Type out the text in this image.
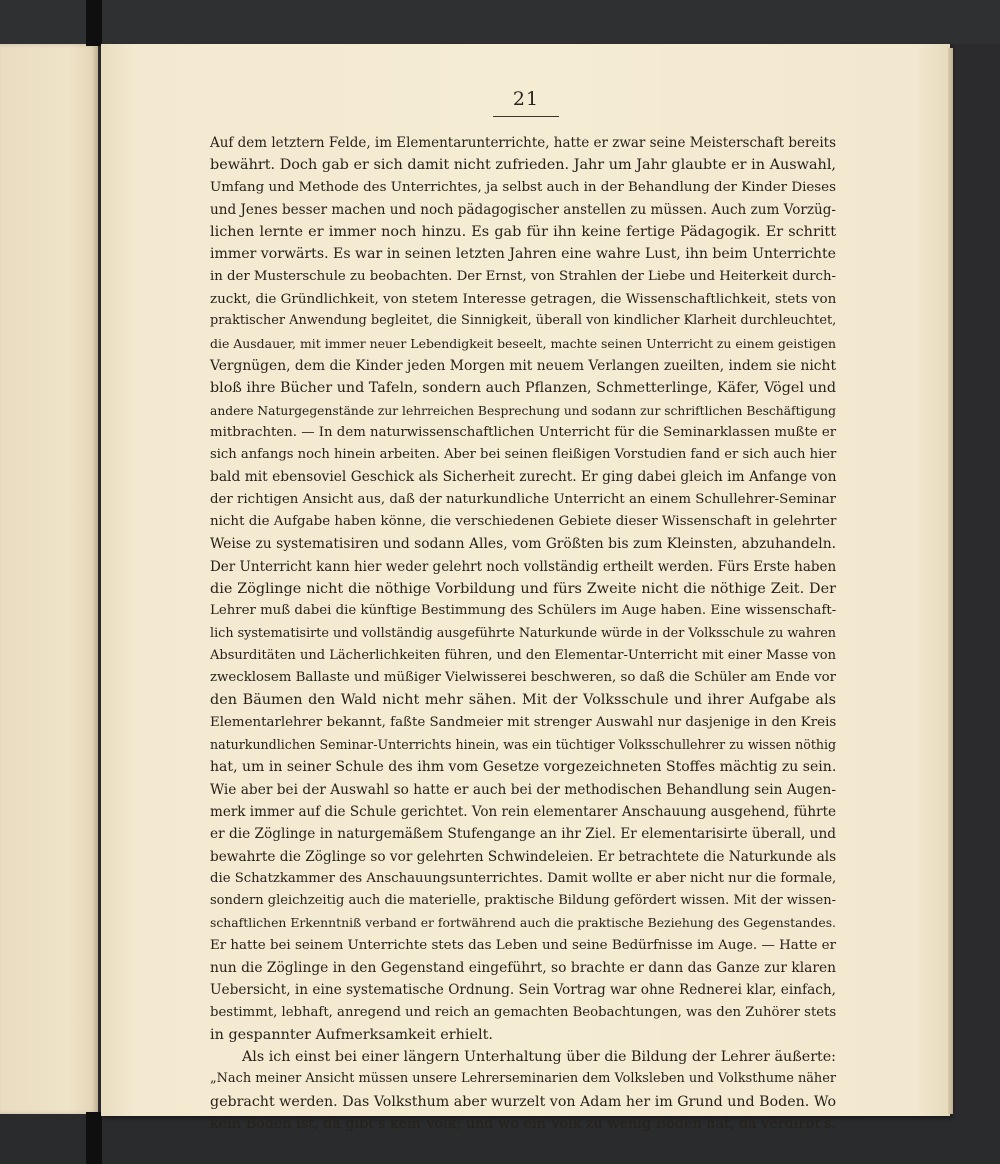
21
Auf dem letztern Felde, im Elementarunterrichte, hatte er zwar seine Meisterschaft bereits
bewährt. Doch gab er sich damit nicht zufrieden. Jahr um Jahr glaubte er in Auswahl,
Umfang und Methode des Unterrichtes, ja selbst auch in der Behandlung der Kinder Dieses
und Jenes besser machen und noch pädagogischer anstellen zu müssen. Auch zum Vorzüg-
lichen lernte er immer noch hinzu. Es gab für ihn keine fertige Pädagogik. Er schritt
immer vorwärts. Es war in seinen letzten Jahren eine wahre Lust, ihn beim Unterrichte
in der Musterschule zu beobachten. Der Ernst, von Strahlen der Liebe und Heiterkeit durch-
zuckt, die Gründlichkeit, von stetem Interesse getragen, die Wissenschaftlichkeit, stets von
praktischer Anwendung begleitet, die Sinnigkeit, überall von kindlicher Klarheit durchleuchtet,
die Ausdauer, mit immer neuer Lebendigkeit beseelt, machte seinen Unterricht zu einem geistigen
Vergnügen, dem die Kinder jeden Morgen mit neuem Verlangen zueilten, indem sie nicht
bloß ihre Bücher und Tafeln, sondern auch Pflanzen, Schmetterlinge, Käfer, Vögel und
andere Naturgegenstände zur lehrreichen Besprechung und sodann zur schriftlichen Beschäftigung
mitbrachten. — In dem naturwissenschaftlichen Unterricht für die Seminarklassen mußte er
sich anfangs noch hinein arbeiten. Aber bei seinen fleißigen Vorstudien fand er sich auch hier
bald mit ebensoviel Geschick als Sicherheit zurecht. Er ging dabei gleich im Anfange von
der richtigen Ansicht aus, daß der naturkundliche Unterricht an einem Schullehrer-Seminar
nicht die Aufgabe haben könne, die verschiedenen Gebiete dieser Wissenschaft in gelehrter
Weise zu systematisiren und sodann Alles, vom Größten bis zum Kleinsten, abzuhandeln.
Der Unterricht kann hier weder gelehrt noch vollständig ertheilt werden. Fürs Erste haben
die Zöglinge nicht die nöthige Vorbildung und fürs Zweite nicht die nöthige Zeit. Der
Lehrer muß dabei die künftige Bestimmung des Schülers im Auge haben. Eine wissenschaft-
lich systematisirte und vollständig ausgeführte Naturkunde würde in der Volksschule zu wahren
Absurditäten und Lächerlichkeiten führen, und den Elementar-Unterricht mit einer Masse von
zwecklosem Ballaste und müßiger Vielwisserei beschweren, so daß die Schüler am Ende vor
den Bäumen den Wald nicht mehr sähen. Mit der Volksschule und ihrer Aufgabe als
Elementarlehrer bekannt, faßte Sandmeier mit strenger Auswahl nur dasjenige in den Kreis
naturkundlichen Seminar-Unterrichts hinein, was ein tüchtiger Volksschullehrer zu wissen nöthig
hat, um in seiner Schule des ihm vom Gesetze vorgezeichneten Stoffes mächtig zu sein.
Wie aber bei der Auswahl so hatte er auch bei der methodischen Behandlung sein Augen-
merk immer auf die Schule gerichtet. Von rein elementarer Anschauung ausgehend, führte
er die Zöglinge in naturgemäßem Stufengange an ihr Ziel. Er elementarisirte überall, und
bewahrte die Zöglinge so vor gelehrten Schwindeleien. Er betrachtete die Naturkunde als
die Schatzkammer des Anschauungsunterrichtes. Damit wollte er aber nicht nur die formale,
sondern gleichzeitig auch die materielle, praktische Bildung gefördert wissen. Mit der wissen-
schaftlichen Erkenntniß verband er fortwährend auch die praktische Beziehung des Gegenstandes.
Er hatte bei seinem Unterrichte stets das Leben und seine Bedürfnisse im Auge. — Hatte er
nun die Zöglinge in den Gegenstand eingeführt, so brachte er dann das Ganze zur klaren
Uebersicht, in eine systematische Ordnung. Sein Vortrag war ohne Rednerei klar, einfach,
bestimmt, lebhaft, anregend und reich an gemachten Beobachtungen, was den Zuhörer stets
in gespannter Aufmerksamkeit erhielt.
Als ich einst bei einer längern Unterhaltung über die Bildung der Lehrer äußerte:
„Nach meiner Ansicht müssen unsere Lehrerseminarien dem Volksleben und Volksthume näher
gebracht werden. Das Volksthum aber wurzelt von Adam her im Grund und Boden. Wo
kein Boden ist, da gibt's kein Volk; und wo ein Volk zu wenig Boden hat, da verdirbt's.
